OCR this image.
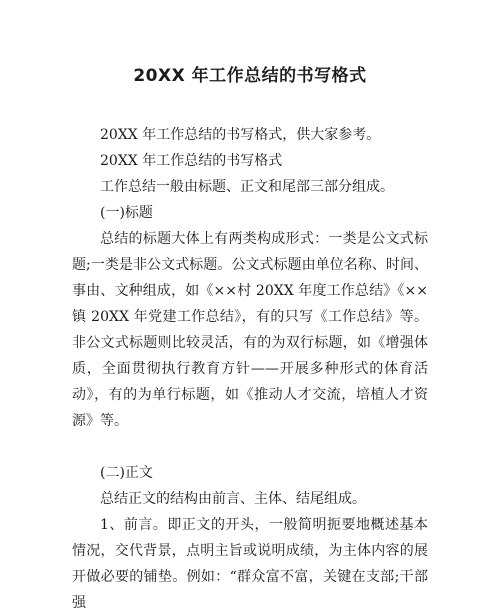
20XX 年工作总结的书写格式

20XX 年工作总结的书写格式，供大家参考。

20XX 年工作总结的书写格式

工作总结一般由标题、正文和尾部三部分组成。

(一)标题

总结的标题大体上有两类构成形式：一类是公文式标题;一类是非公文式标题。公文式标题由单位名称、时间、事由、文种组成，如《××村 20XX 年度工作总结》《××镇 20XX 年党建工作总结》，有的只写《工作总结》等。非公文式标题则比较灵活，有的为双行标题，如《增强体质，全面贯彻执行教育方针——开展多种形式的体育活动》，有的为单行标题，如《推动人才交流，培植人才资源》等。

(二)正文

总结正文的结构由前言、主体、结尾组成。

1、前言。即正文的开头，一般简明扼要地概述基本情况，交代背景，点明主旨或说明成绩，为主体内容的展开做必要的铺垫。例如：“群众富不富，关键在支部;干部强
